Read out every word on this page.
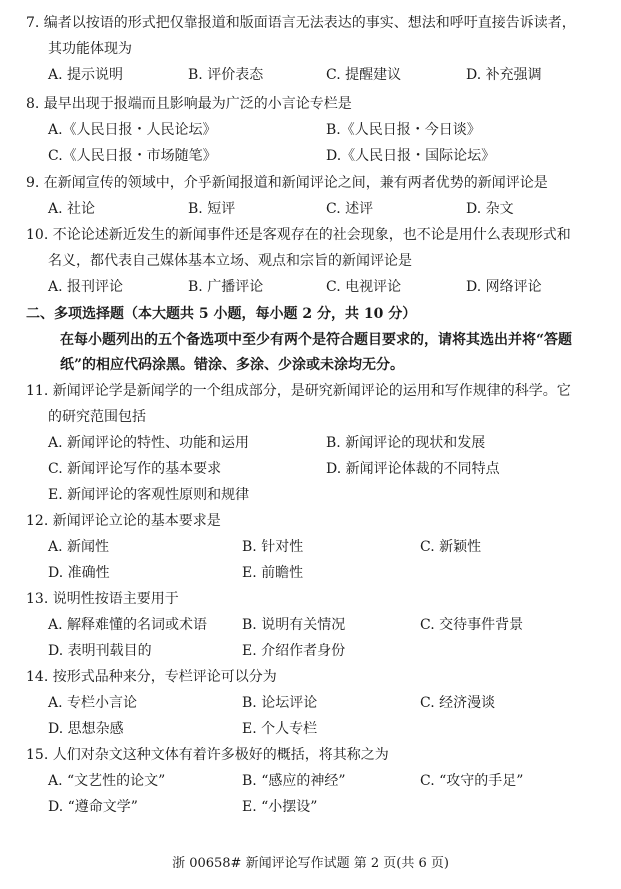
7. 编者以按语的形式把仅靠报道和版面语言无法表达的事实、想法和呼吁直接告诉读者，
其功能体现为
A. 提示说明	B. 评价表态	C. 提醒建议	D. 补充强调
8. 最早出现于报端而且影响最为广泛的小言论专栏是
A.《人民日报・人民论坛》	B.《人民日报・今日谈》
C.《人民日报・市场随笔》	D.《人民日报・国际论坛》
9. 在新闻宣传的领域中，介乎新闻报道和新闻评论之间，兼有两者优势的新闻评论是
A. 社论	B. 短评	C. 述评	D. 杂文
10. 不论论述新近发生的新闻事件还是客观存在的社会现象，也不论是用什么表现形式和
名义，都代表自己媒体基本立场、观点和宗旨的新闻评论是
A. 报刊评论	B. 广播评论	C. 电视评论	D. 网络评论
二、多项选择题（本大题共 5 小题，每小题 2 分，共 10 分）
在每小题列出的五个备选项中至少有两个是符合题目要求的，请将其选出并将“答题
纸”的相应代码涂黑。错涂、多涂、少涂或未涂均无分。
11. 新闻评论学是新闻学的一个组成部分，是研究新闻评论的运用和写作规律的科学。它
的研究范围包括
A. 新闻评论的特性、功能和运用	B. 新闻评论的现状和发展
C. 新闻评论写作的基本要求	D. 新闻评论体裁的不同特点
E. 新闻评论的客观性原则和规律
12. 新闻评论立论的基本要求是
A. 新闻性	B. 针对性	C. 新颖性
D. 准确性	E. 前瞻性
13. 说明性按语主要用于
A. 解释难懂的名词或术语 B. 说明有关情况	C. 交待事件背景
D. 表明刊载目的	E. 介绍作者身份
14. 按形式品种来分，专栏评论可以分为
A. 专栏小言论	B. 论坛评论	C. 经济漫谈
D. 思想杂感	E. 个人专栏
15. 人们对杂文这种文体有着许多极好的概括，将其称之为
A. “文艺性的论文”	B. “感应的神经”	C. “攻守的手足”
D. “遵命文学”	E. “小摆设”
浙 00658# 新闻评论写作试题 第 2 页(共 6 页)
